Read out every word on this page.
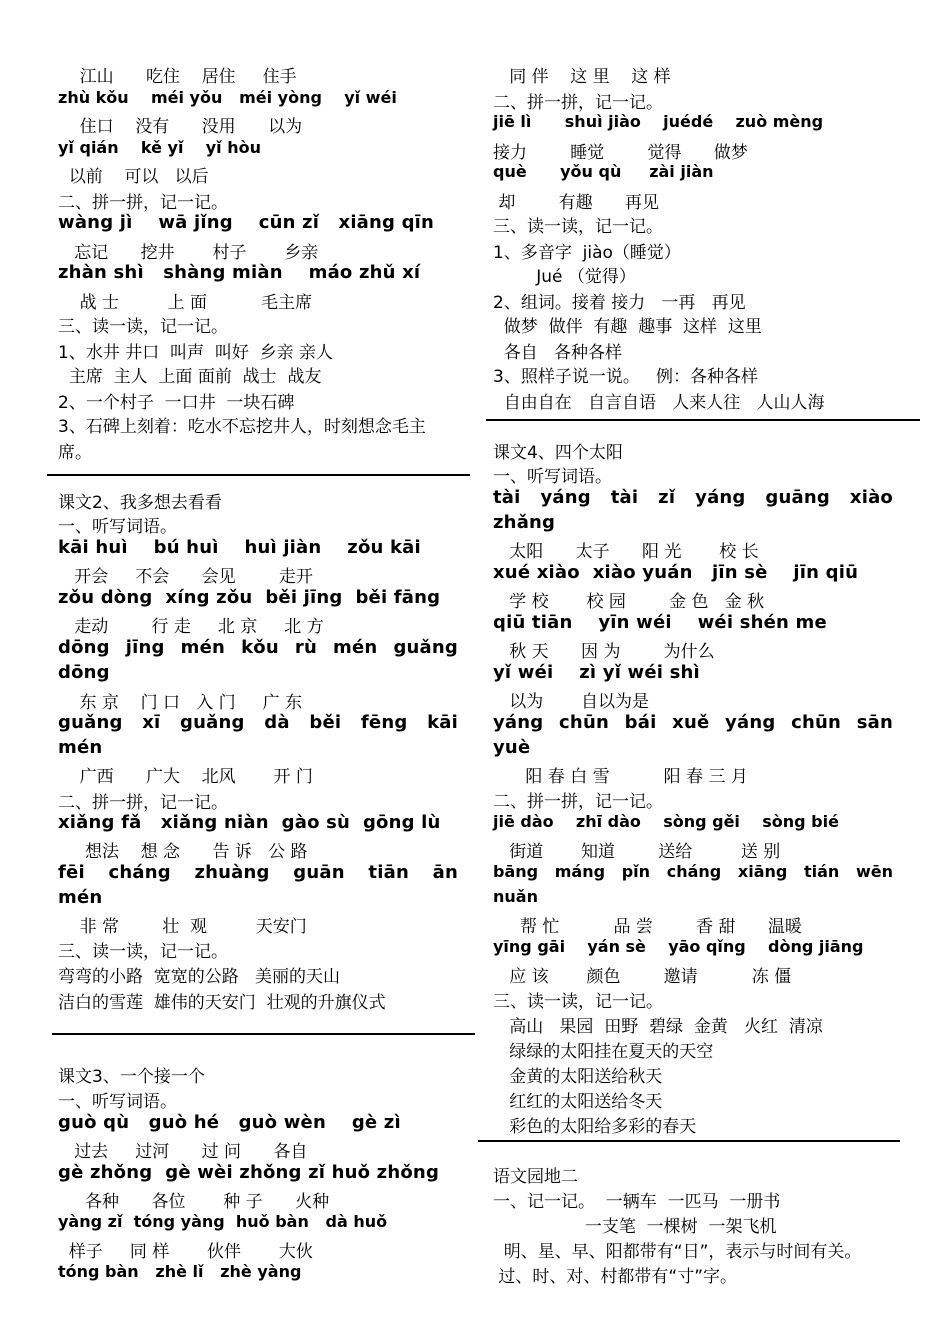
江山      吃住    居住     住手
zhù kǒu    méi yǒu   méi yòng    yǐ wéi
住口    没有      没用      以为
yǐ qián    kě yǐ    yǐ hòu
以前    可以   以后
二、拼一拼，记一记。
wàng jì    wā jǐng    cūn zǐ   xiāng qīn
忘记      挖井       村子       乡亲
zhàn shì   shàng miàn    máo zhǔ xí
战 士         上 面          毛主席
三、读一读，记一记。
1、水井 井口  叫声  叫好  乡亲 亲人
主席  主人  上面 面前  战士  战友
2、一个村子  一口井  一块石碑
3、石碑上刻着：吃水不忘挖井人，时刻想念毛主
席。
课文2、我多想去看看
一、听写词语。
kāi huì    bú huì    huì jiàn    zǒu kāi
开会     不会      会见        走开
zǒu dòng  xíng zǒu  běi jīng  běi fāng
走动        行 走     北 京     北 方
dōng jīng mén kǒu rù mén guǎng
dōng
东 京    门 口   入 门     广 东
guǎng xī guǎng dà běi fēng kāi
mén
广西      广大    北风       开 门
二、拼一拼，记一记。
xiǎng fǎ   xiǎng niàn  gào sù  gōng lù
想法    想 念      告 诉   公 路
fēi cháng zhuàng guān tiān ān
mén
非 常        壮  观         天安门
三、读一读，记一记。
弯弯的小路  宽宽的公路   美丽的天山
洁白的雪莲  雄伟的天安门  壮观的升旗仪式
课文3、一个接一个
一、听写词语。
guò qù   guò hé   guò wèn    gè zì
过去     过河      过 问      各自
gè zhǒng  gè wèi zhǒng zǐ huǒ zhǒng
各种      各位       种 子      火种
yàng zǐ  tóng yàng  huǒ bàn   dà huǒ
样子     同 样       伙伴       大伙
tóng bàn   zhè lǐ   zhè yàng
同 伴    这 里    这 样
二、拼一拼，记一记。
jiē lì      shuì jiào    juédé    zuò mèng
接力        睡觉        觉得      做梦
què      yǒu qù     zài jiàn
却        有趣      再见
三、读一读，记一记。
1、多音字  jiào（睡觉）
Jué （觉得）
2、组词。接着 接力   一再   再见
做梦  做伴  有趣  趣事  这样  这里
各自   各种各样
3、照样子说一说。   例：各种各样
自由自在   自言自语   人来人往   人山人海
课文4、四个太阳
一、听写词语。
tài yáng tài zǐ yáng guāng xiào
zhǎng
太阳      太子      阳 光       校 长
xué xiào  xiào yuán   jīn sè    jīn qiū
学 校       校 园        金 色   金 秋
qiū tiān    yīn wéi    wéi shén me
秋 天      因 为        为什么
yǐ wéi    zì yǐ wéi shì
以为       自以为是
yáng chūn bái xuě yáng chūn sān
yuè
阳 春 白 雪          阳 春 三 月
二、拼一拼，记一记。
jiē dào    zhī dào    sòng gěi    sòng bié
街道       知道        送给         送 别
bāng máng pǐn cháng xiāng tián wēn
nuǎn
帮 忙          品 尝        香 甜      温暖
yīng gāi    yán sè    yāo qǐng    dòng jiāng
应 该       颜色        邀请          冻 僵
三、读一读，记一记。
高山   果园  田野  碧绿  金黄   火红  清凉
绿绿的太阳挂在夏天的天空
金黄的太阳送给秋天
红红的太阳送给冬天
彩色的太阳给多彩的春天
语文园地二
一、记一记。  一辆车  一匹马  一册书
一支笔  一棵树  一架飞机
明、星、早、阳都带有“日”，表示与时间有关。
过、时、对、村都带有“寸”字。
